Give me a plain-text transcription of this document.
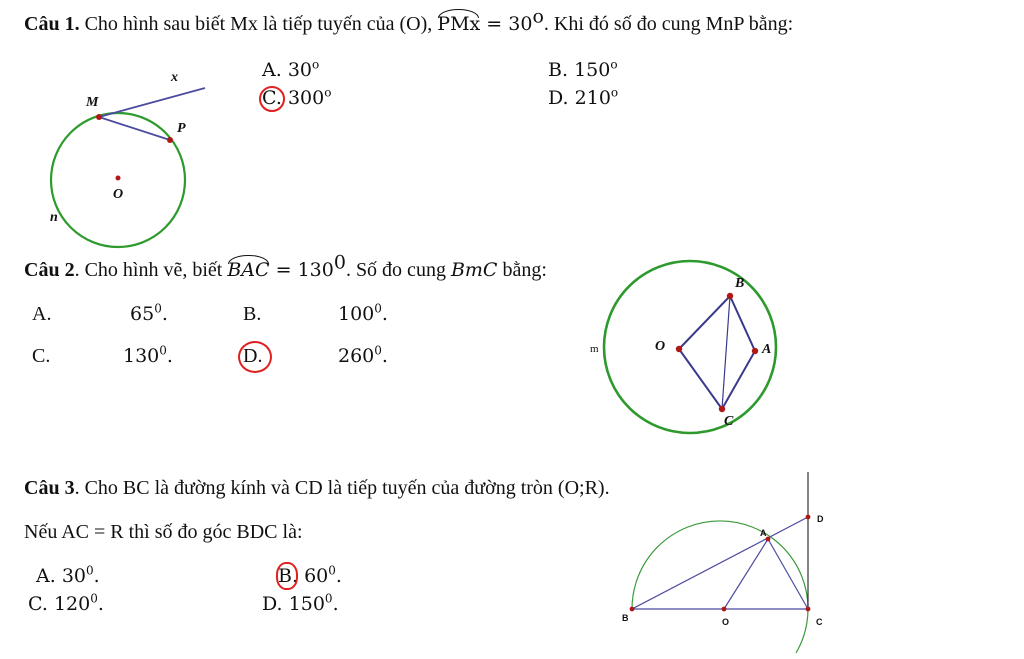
Câu 1. Cho hình sau biết Mx là tiếp tuyến của (O), PMx = $30^o$. Khi đó số đo cung MnP bằng:
A. 30$^o$	B. 150$^o$
C. 300$^o$	D. 210$^o$
x
M
P
O
n
Câu 2. Cho hình vẽ, biết BAC = $130^0$. Số đo cung BmC bằng:
A.	$65^0$.	B.	$100^0$.
C.	$130^0$.	D.	$260^0$.
B
O	A
C
m
Câu 3. Cho BC là đường kính và CD là tiếp tuyến của đường tròn (O;R).
Nếu AC = R thì số đo góc BDC là:
A. $30^0$.	B. $60^0$.
C. $120^0$.	D. $150^0$.
D
A
B	O	C
